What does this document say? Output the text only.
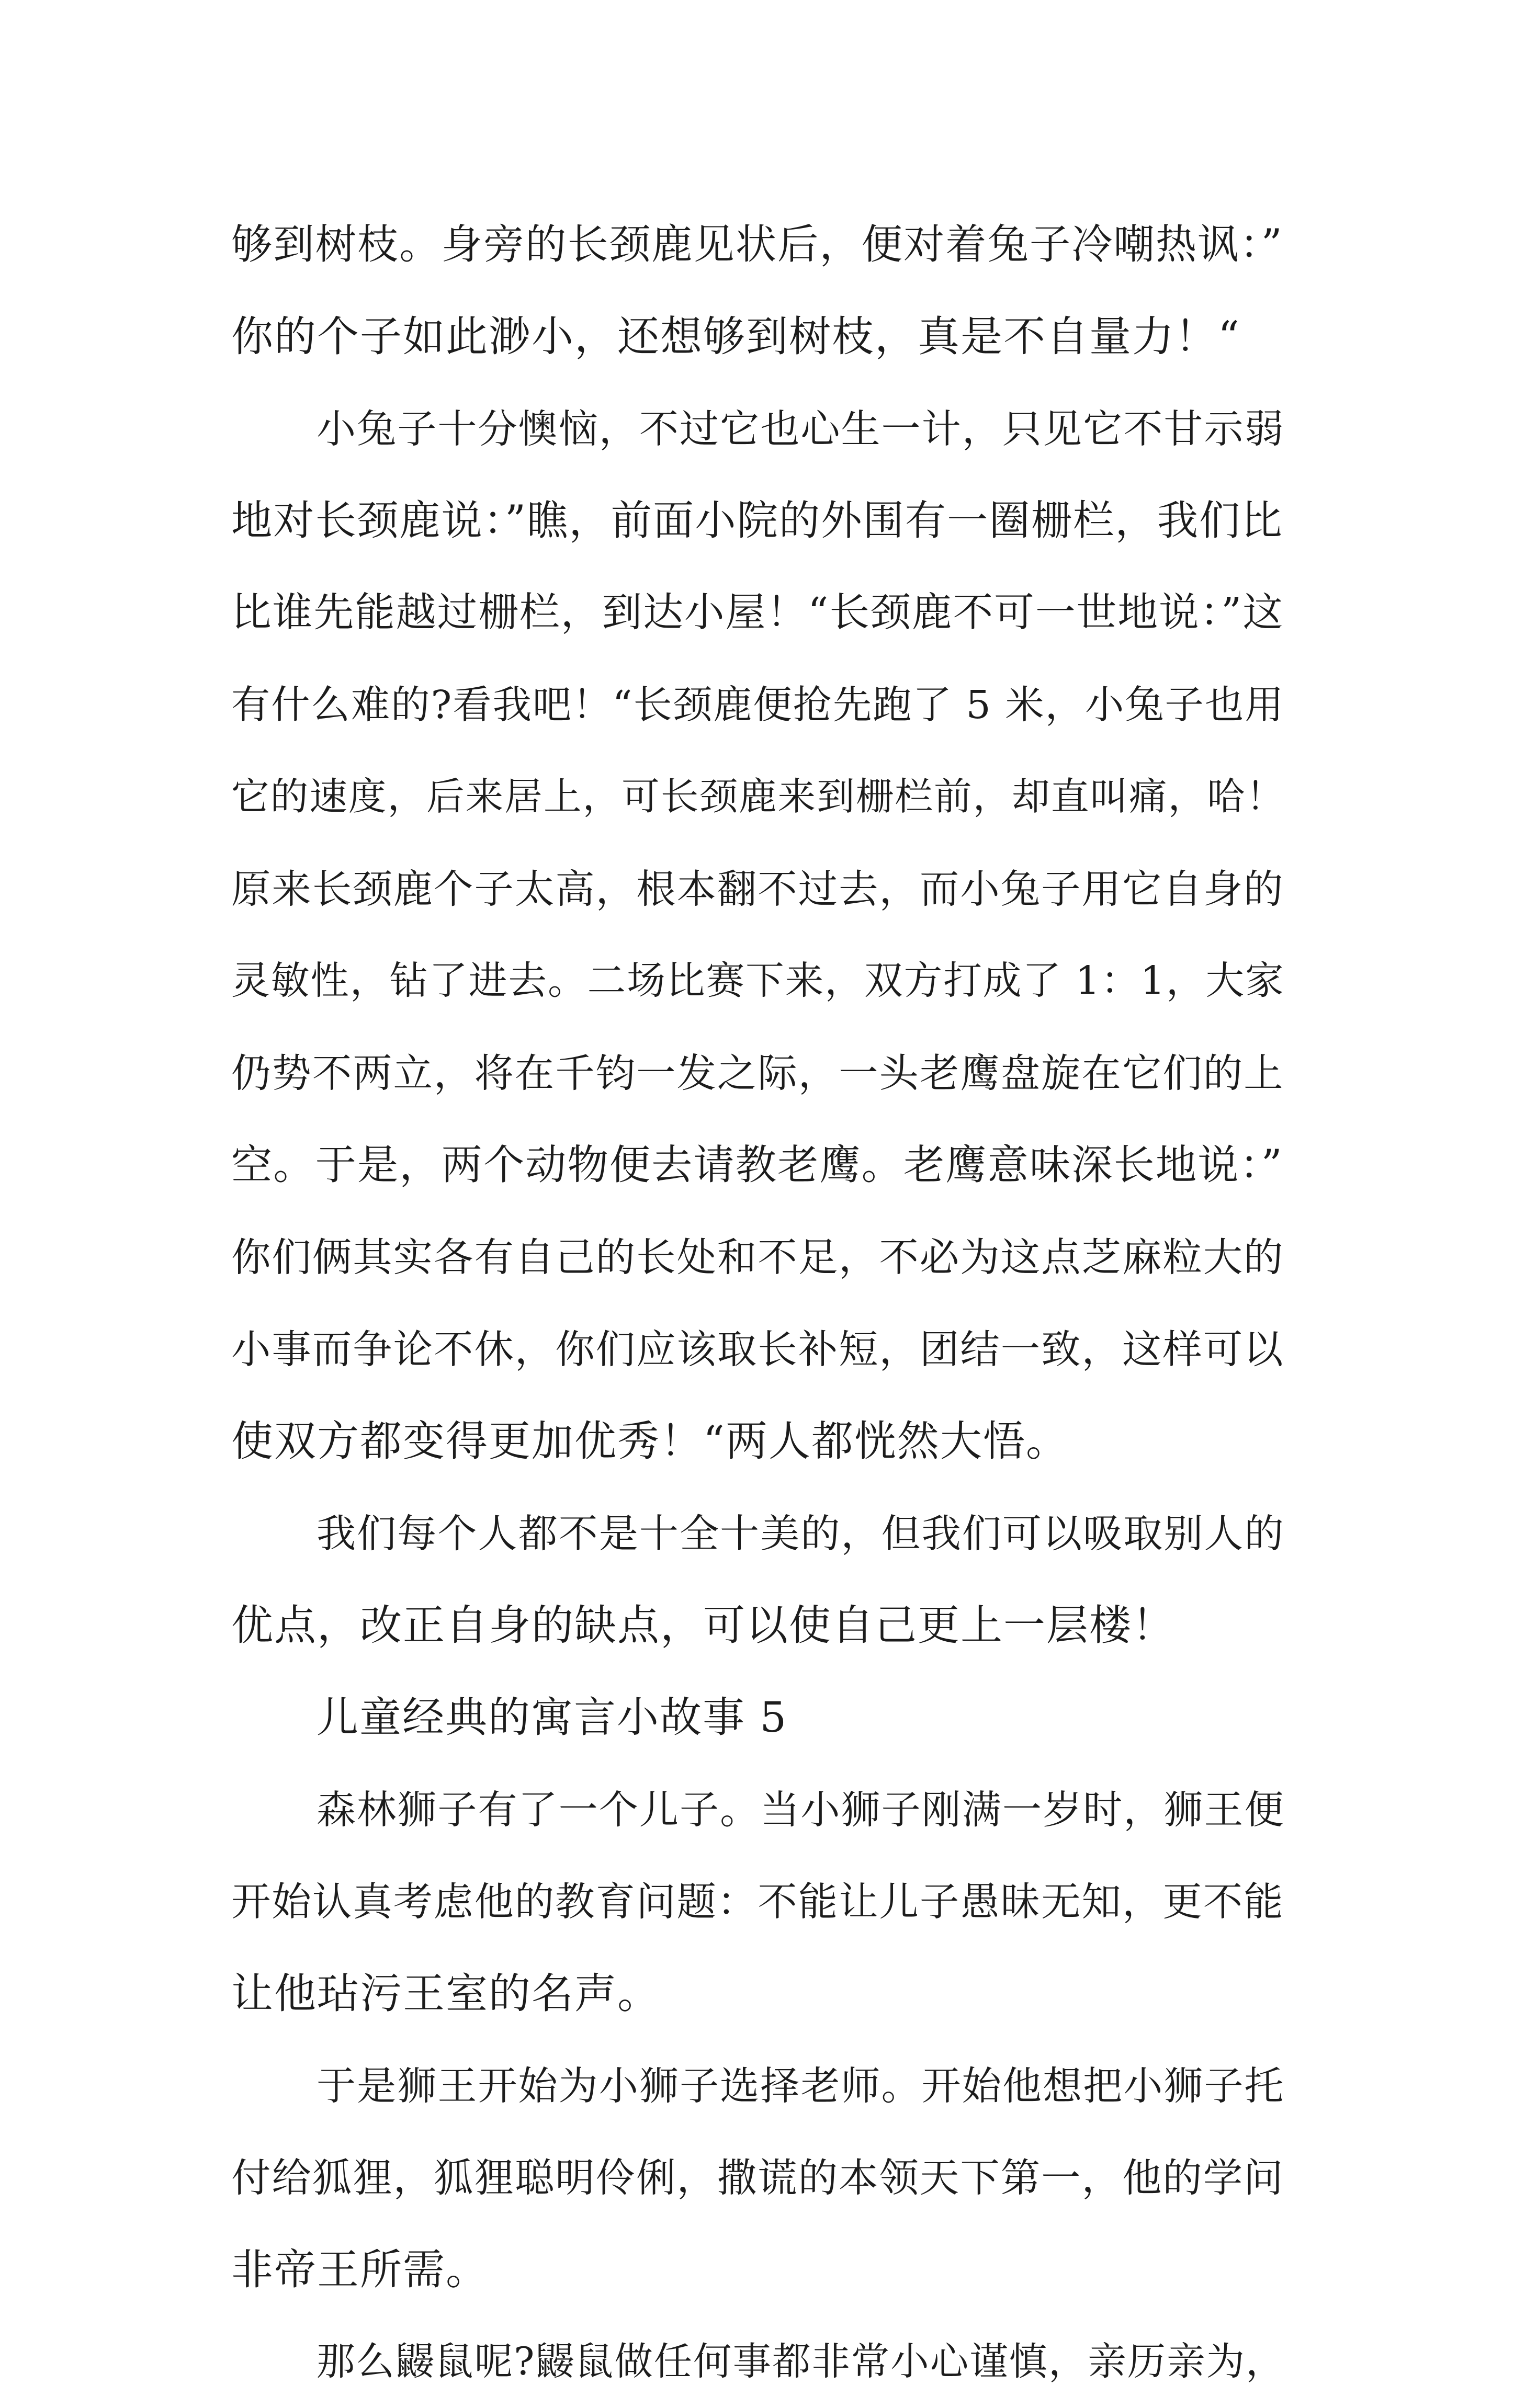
够到树枝。身旁的长颈鹿见状后，便对着兔子冷嘲热讽：”
你的个子如此渺小，还想够到树枝，真是不自量力！“
小兔子十分懊恼，不过它也心生一计，只见它不甘示弱
地对长颈鹿说：”瞧，前面小院的外围有一圈栅栏，我们比
比谁先能越过栅栏，到达小屋！“长颈鹿不可一世地说：”这
有什么难的?看我吧！“长颈鹿便抢先跑了 5 米，小兔子也用
它的速度，后来居上，可长颈鹿来到栅栏前，却直叫痛，哈！
原来长颈鹿个子太高，根本翻不过去，而小兔子用它自身的
灵敏性，钻了进去。二场比赛下来，双方打成了 1：1，大家
仍势不两立，将在千钧一发之际，一头老鹰盘旋在它们的上
空。于是，两个动物便去请教老鹰。老鹰意味深长地说：”
你们俩其实各有自己的长处和不足，不必为这点芝麻粒大的
小事而争论不休，你们应该取长补短，团结一致，这样可以
使双方都变得更加优秀！“两人都恍然大悟。
我们每个人都不是十全十美的，但我们可以吸取别人的
优点，改正自身的缺点，可以使自己更上一层楼！
儿童经典的寓言小故事 5
森林狮子有了一个儿子。当小狮子刚满一岁时，狮王便
开始认真考虑他的教育问题：不能让儿子愚昧无知，更不能
让他玷污王室的名声。
于是狮王开始为小狮子选择老师。开始他想把小狮子托
付给狐狸，狐狸聪明伶俐，撒谎的本领天下第一，他的学问
非帝王所需。
那么鼹鼠呢?鼹鼠做任何事都非常小心谨慎，亲历亲为，
